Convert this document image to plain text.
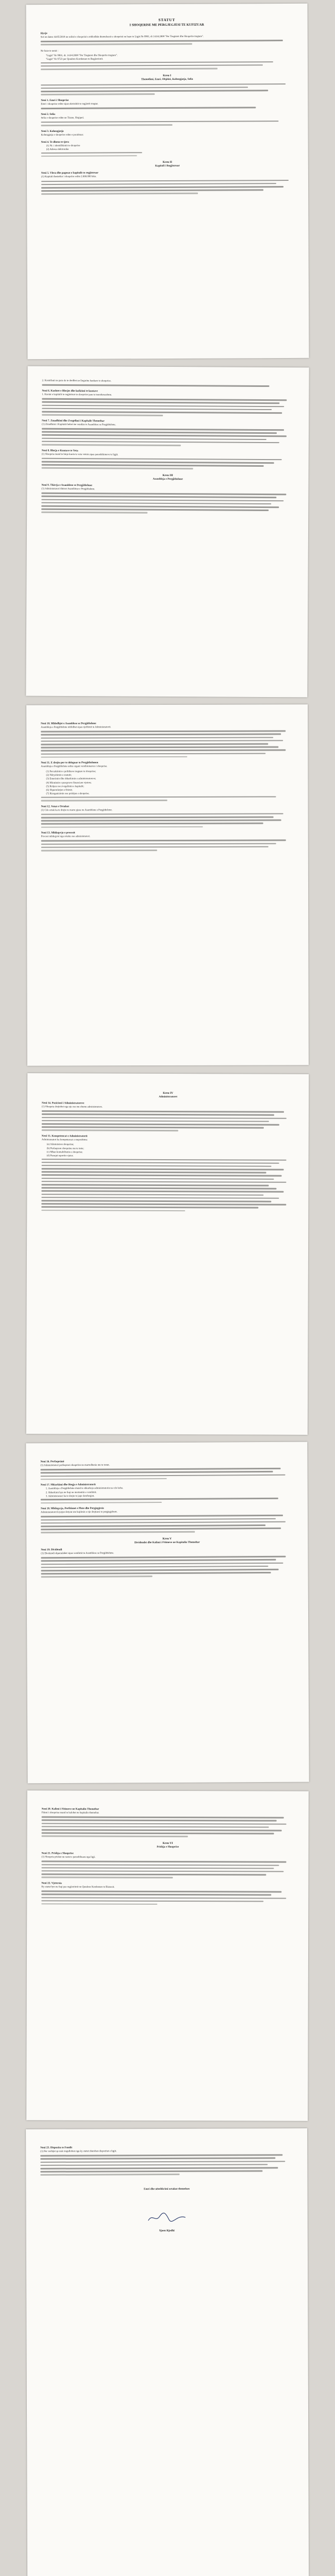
STATUT
I SHOQERISE ME PERGJEGJESI TE KUFIZUAR
Hyrje
Sot ne daten 16/05/2018 ne selinë e shoqerisë u mblodhën themeluesit e shoqerisë ne baze te Ligjit Nr 9901, dt 14.04.2008 "Per Tregtaret dhe Shoqerite tregtare".
Ne baze te nenit :
"Ligjit" Nr 9901, dt. 14.04.2008 "Per Tregtaret dhe Shoqerite tregtare".
"Ligjit" Nr 9723 per Qendren Kombetare te Regjistrimit.
Kreu I
Themelimi, Emri, Objekti, Kohezgjatja, Selia
Neni 1. Emri i Shoqerise
Emri i shoqerise eshte sipas ekstraktit te regjistrit tregtar.
Neni 2. Selia
Selia e shoqerise eshte ne Tirane, Shqiperi.
Neni 3. Kohezgjatja
Kohezgjatja e shoqerise eshte e pacaktuar.
Neni 4. Te dhena te tjera
(1) Nr. i identifikimit te shoqerise
(2) Adresa elektronike
Kreu II
Kapitali i Regjistruar
Neni 5. Vlera dhe pagesat e kapitalit te regjistruar
(1) Kapitali themeltar i shoqerise eshte 2.000.000 leke.
2. Kontributi ne para do te derdhet ne llogarine bankare te shoqerise.
Neni 6. Kushtet e Blerjes dhe kufizimi te kuotave
1. Kuotat e kapitalit te regjistruar te shoqerise jane te transferueshme.
Neni 7. Zmadhimi dhe Zvogelimi i Kapitalit Themeltar
(1) Zmadhimi i Kapitalit behet me vendim te Asamblese se Pergjithshme.
Neni 8. Blerja e Kuotave te Veta
(1) Shoqeria mund te bleje kuota te veta vetem sipas parashikimeve te ligjit.
Kreu III
Asambleja e Pergjithshme
Neni 9. Thirrja e Asamblese se Pergjithshme
(1) Administratori thërret Asamblene e Pergjithshme.
Neni 10. Mbledhjet e Asamblese se Pergjithshme
Asambleja e Pergjithshme mblidhet sipas njoftimit te Administratorit.
Neni 11. E drejta per te deleguar te Pergjithshmen
Asambleja e Pergjithshme eshte organi vendimmarres i shoqerise.
(1) Percaktimin e politikave tregtare te shoqerise;
(2) Ndryshimin e statutit;
(3) Emerimin dhe shkarkimin e administratoreve;
(4) Miratimin e pasqyrave financiare vjetore;
(5) Rritjen ose zvogelimin e kapitalit;
(6) Shperndarjen e fitimit;
(7) Riorganizimin ose prishjen e shoqerise.
Neni 12. Votat e Ortakut
(1) Cdo ortak ka te drejte te marre pjese ne Asamblene e Pergjithshme.
Neni 13. Mbikqyrja e procesit
Procesi mbikqyret nga ortaku ose administratori.
Kreu IV
Administratoret
Neni 14. Pozicioni i Administratoreve
(1) Shoqeria drejtohet nga nje ose me shume administratore.
Neni 15. Kompetencat e Administratorit
Administratori ka kompetencat e meposhtme:
(a) Administron shoqerine;
(b) Perfaqeson shoqerine me te trete;
(c) Mban kontabilitetin e shoqerise;
(d) Paraqet raportin vjetor.
Neni 16. Perfaqesimi
(1) Administratori perfaqeson shoqerine ne marredhenie me te tretet.
Neni 17. Shkarkimi dhe Heqja e Administratorit
1. Asambleja e Pergjithshme mund te shkarkoje administratorin ne cdo kohe.
2. Shkarkimi hyn ne fuqi ne momentin e vendimit.
3. Administratori ka te drejte te jape doreheqjen.
Neni 18. Mbikqyrja, Perfitimet e Plote dhe Pergjegjesia
Administratoret kryejne detyrat me kujdesin e nje drejtuesi te pergjegjshem.
Kreu V
Dividendet dhe Kalimi i Fitimeve ne Kapitalin Themeltar
Neni 19. Dividendi
(1) Dividendi shperndahet sipas vendimit te Asamblese se Pergjithshme.
Neni 20. Kalimi i Fitimeve ne Kapitalin Themeltar
Fitimi i shoqerise mund te kalohet ne kapitalin themeltar.
Kreu VI
Prishja e Shoqerise
Neni 21. Prishja e Shoqerise
(1) Shoqeria prishet ne rastet e parashikuara nga ligji.
Neni 22. Vjetersia
Ky statut hyn ne fuqi pas regjistrimit ne Qendren Kombetare te Biznesit.
Neni 23. Dispozita te Fundit
(1) Per ceshtjet qe nuk rregullohen nga ky statut zbatohen dispozitat e ligjit.
Emri dhe nënshkrimi ortakut themelues
Sjoen Rjedhi
